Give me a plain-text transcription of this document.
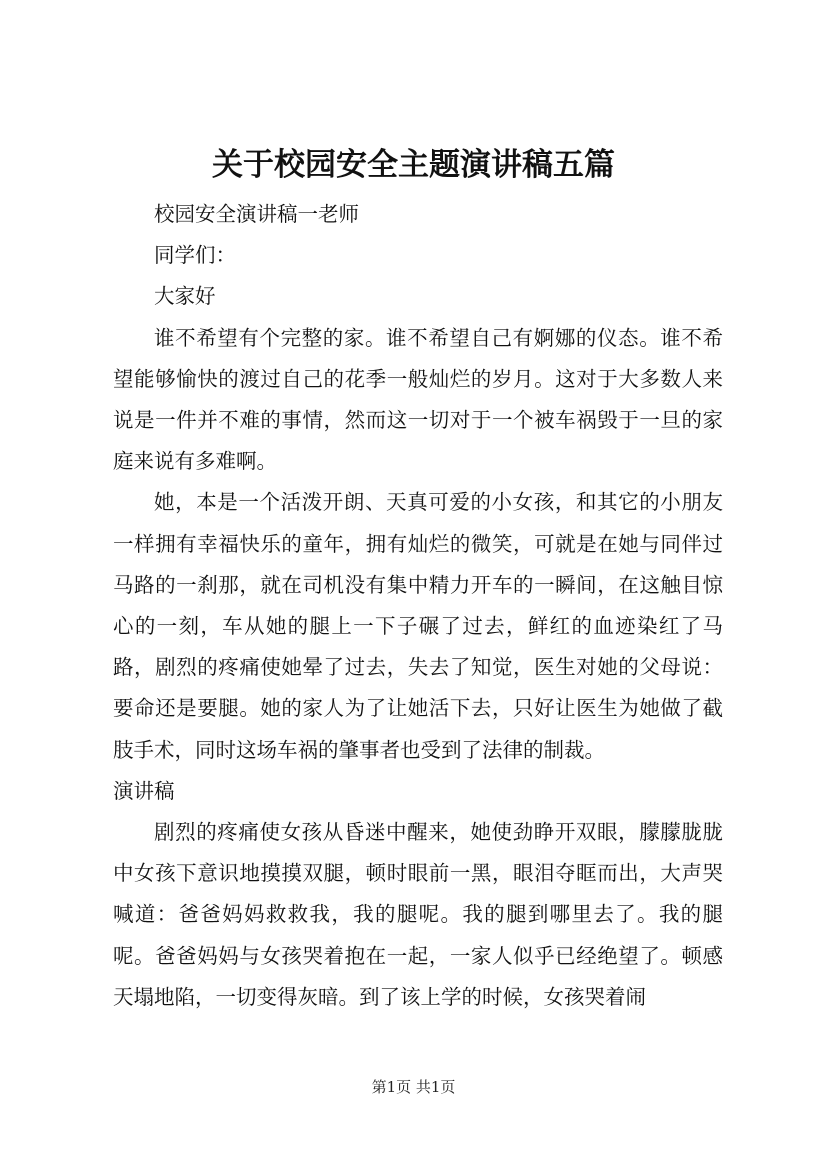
关于校园安全主题演讲稿五篇

校园安全演讲稿一老师

同学们：

大家好

谁不希望有个完整的家。谁不希望自己有婀娜的仪态。谁不希望能够愉快的渡过自己的花季一般灿烂的岁月。这对于大多数人来说是一件并不难的事情，然而这一切对于一个被车祸毁于一旦的家庭来说有多难啊。

她，本是一个活泼开朗、天真可爱的小女孩，和其它的小朋友一样拥有幸福快乐的童年，拥有灿烂的微笑，可就是在她与同伴过马路的一刹那，就在司机没有集中精力开车的一瞬间，在这触目惊心的一刻，车从她的腿上一下子碾了过去，鲜红的血迹染红了马路，剧烈的疼痛使她晕了过去，失去了知觉，医生对她的父母说：要命还是要腿。她的家人为了让她活下去，只好让医生为她做了截肢手术，同时这场车祸的肇事者也受到了法律的制裁。

演讲稿

剧烈的疼痛使女孩从昏迷中醒来，她使劲睁开双眼，朦朦胧胧中女孩下意识地摸摸双腿，顿时眼前一黑，眼泪夺眶而出，大声哭喊道：爸爸妈妈救救我，我的腿呢。我的腿到哪里去了。我的腿呢。爸爸妈妈与女孩哭着抱在一起，一家人似乎已经绝望了。顿感天塌地陷，一切变得灰暗。到了该上学的时候，女孩哭着闹

第1页 共1页
